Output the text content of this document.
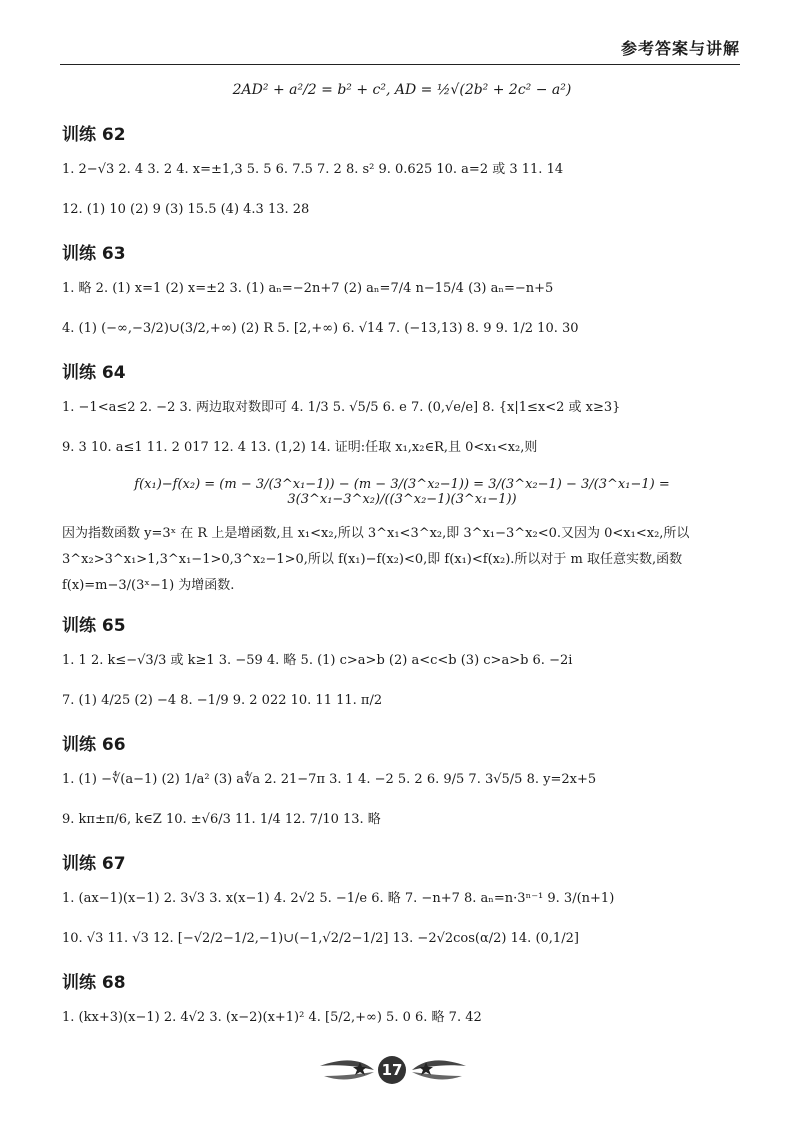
参考答案与讲解

2AD² + a²/2 = b² + c², AD = ½√(2b² + 2c² − a²)

训练 62

1. 2−√3 2. 4 3. 2 4. x=±1,3 5. 5 6. 7.5 7. 2 8. s² 9. 0.625 10. a=2 或 3 11. 14

12. (1) 10 (2) 9 (3) 15.5 (4) 4.3 13. 28

训练 63

1. 略 2. (1) x=1 (2) x=±2 3. (1) aₙ=−2n+7 (2) aₙ=7/4 n−15/4 (3) aₙ=−n+5

4. (1) (−∞,−3/2)∪(3/2,+∞) (2) R 5. [2,+∞) 6. √14 7. (−13,13) 8. 9 9. 1/2 10. 30

训练 64

1. −1<a≤2 2. −2 3. 两边取对数即可 4. 1/3 5. √5/5 6. e 7. (0,√e/e] 8. {x|1≤x<2 或 x≥3}

9. 3 10. a≤1 11. 2 017 12. 4 13. (1,2) 14. 证明:任取 x₁,x₂∈R,且 0<x₁<x₂,则

f(x₁)−f(x₂) = (m − 3/(3^x₁−1)) − (m − 3/(3^x₂−1)) = 3/(3^x₂−1) − 3/(3^x₁−1) = 3(3^x₁−3^x₂)/((3^x₂−1)(3^x₁−1))

因为指数函数 y=3ˣ 在 R 上是增函数,且 x₁<x₂,所以 3^x₁<3^x₂,即 3^x₁−3^x₂<0.又因为 0<x₁<x₂,所以 3^x₂>3^x₁>1,3^x₁−1>0,3^x₂−1>0,所以 f(x₁)−f(x₂)<0,即 f(x₁)<f(x₂).所以对于 m 取任意实数,函数 f(x)=m−3/(3ˣ−1) 为增函数.

训练 65

1. 1 2. k≤−√3/3 或 k≥1 3. −59 4. 略 5. (1) c>a>b (2) a<c<b (3) c>a>b 6. −2i

7. (1) 4/25 (2) −4 8. −1/9 9. 2 022 10. 11 11. π/2

训练 66

1. (1) −∜(a−1) (2) 1/a² (3) a∜a 2. 21−7π 3. 1 4. −2 5. 2 6. 9/5 7. 3√5/5 8. y=2x+5

9. kπ±π/6, k∈Z 10. ±√6/3 11. 1/4 12. 7/10 13. 略

训练 67

1. (ax−1)(x−1) 2. 3√3 3. x(x−1) 4. 2√2 5. −1/e 6. 略 7. −n+7 8. aₙ=n·3ⁿ⁻¹ 9. 3/(n+1)

10. √3 11. √3 12. [−√2/2−1/2,−1)∪(−1,√2/2−1/2] 13. −2√2cos(α/2) 14. (0,1/2]

训练 68

1. (kx+3)(x−1) 2. 4√2 3. (x−2)(x+1)² 4. [5/2,+∞) 5. 0 6. 略 7. 42

17
